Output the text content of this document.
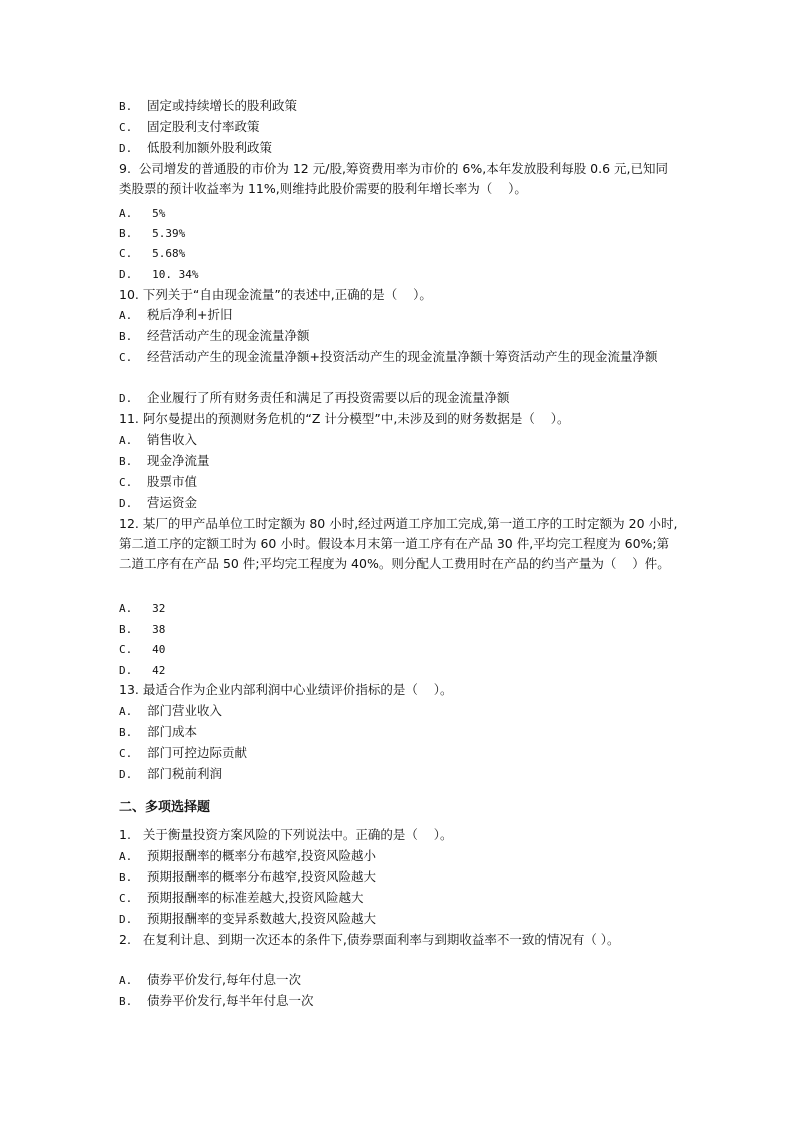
B. 固定或持续增长的股利政策
C. 固定股利支付率政策
D. 低股利加额外股利政策
9.  公司增发的普通股的市价为 12 元/股,筹资费用率为市价的 6%,本年发放股利每股 0.6 元,已知同类股票的预计收益率为 11%,则维持此股价需要的股利年增长率为（    ）。
A.   5%
B.   5.39%
C.   5.68%
D.   10. 34%
10. 下列关于“自由现金流量”的表述中,正确的是（    ）。
A. 税后净利+折旧
B. 经营活动产生的现金流量净额
C. 经营活动产生的现金流量净额+投资活动产生的现金流量净额十筹资活动产生的现金流量净额
D. 企业履行了所有财务责任和满足了再投资需要以后的现金流量净额
11. 阿尔曼提出的预测财务危机的“Z 计分模型”中,未涉及到的财务数据是（    ）。
A. 销售收入
B. 现金净流量
C. 股票市值
D. 营运资金
12. 某厂的甲产品单位工时定额为 80 小时,经过两道工序加工完成,第一道工序的工时定额为 20 小时,第二道工序的定额工时为 60 小时。假设本月末第一道工序有在产品 30 件,平均完工程度为 60%;第二道工序有在产品 50 件;平均完工程度为 40%。则分配人工费用时在产品的约当产量为（    ）件。
A.   32
B.   38
C.   40
D.   42
13. 最适合作为企业内部利润中心业绩评价指标的是（    ）。
A. 部门营业收入
B. 部门成本
C. 部门可控边际贡献
D. 部门税前利润
二、多项选择题
1.   关于衡量投资方案风险的下列说法中。正确的是（    ）。
A. 预期报酬率的概率分布越窄,投资风险越小
B. 预期报酬率的概率分布越窄,投资风险越大
C. 预期报酬率的标准差越大,投资风险越大
D. 预期报酬率的变异系数越大,投资风险越大
2.   在复利计息、到期一次还本的条件下,债券票面利率与到期收益率不一致的情况有（ ）。
A. 债券平价发行,每年付息一次
B. 债券平价发行,每半年付息一次
